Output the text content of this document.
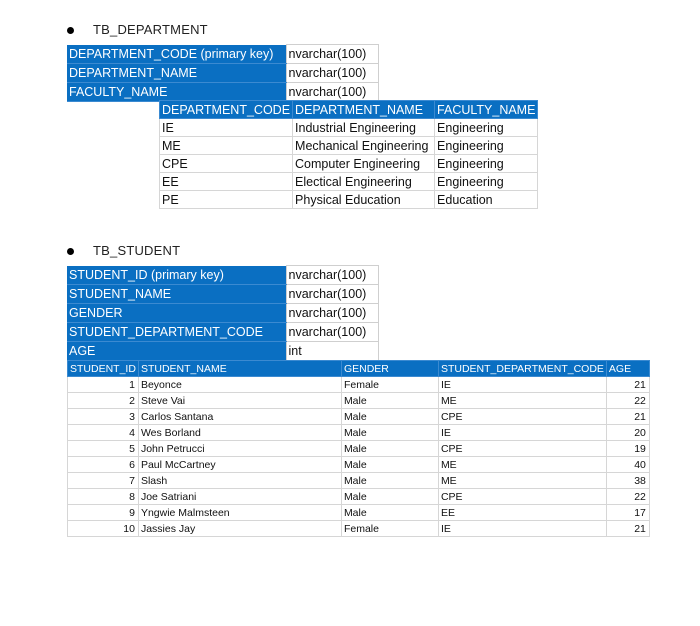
TB_DEPARTMENT
DEPARTMENT_CODE (primary key)	nvarchar(100)
DEPARTMENT_NAME	nvarchar(100)
FACULTY_NAME	nvarchar(100)
DEPARTMENT_CODE	DEPARTMENT_NAME	FACULTY_NAME
IE	Industrial Engineering	Engineering
ME	Mechanical Engineering	Engineering
CPE	Computer Engineering	Engineering
EE	Electical Engineering	Engineering
PE	Physical Education	Education
TB_STUDENT
STUDENT_ID (primary key)	nvarchar(100)
STUDENT_NAME	nvarchar(100)
GENDER	nvarchar(100)
STUDENT_DEPARTMENT_CODE	nvarchar(100)
AGE	int
STUDENT_ID	STUDENT_NAME	GENDER	STUDENT_DEPARTMENT_CODE	AGE
1	Beyonce	Female	IE	21
2	Steve Vai	Male	ME	22
3	Carlos Santana	Male	CPE	21
4	Wes Borland	Male	IE	20
5	John Petrucci	Male	CPE	19
6	Paul McCartney	Male	ME	40
7	Slash	Male	ME	38
8	Joe Satriani	Male	CPE	22
9	Yngwie Malmsteen	Male	EE	17
10	Jassies Jay	Female	IE	21
